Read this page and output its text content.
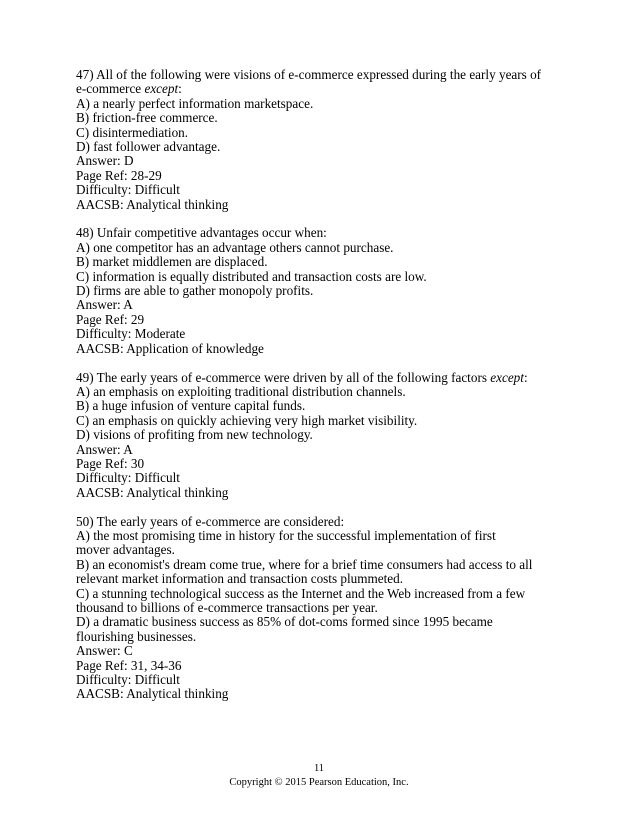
47) All of the following were visions of e-commerce expressed during the early years of e-commerce except:
A) a nearly perfect information marketspace.
B) friction-free commerce.
C) disintermediation.
D) fast follower advantage.
Answer: D
Page Ref: 28-29
Difficulty: Difficult
AACSB: Analytical thinking
48) Unfair competitive advantages occur when:
A) one competitor has an advantage others cannot purchase.
B) market middlemen are displaced.
C) information is equally distributed and transaction costs are low.
D) firms are able to gather monopoly profits.
Answer: A
Page Ref: 29
Difficulty: Moderate
AACSB: Application of knowledge
49) The early years of e-commerce were driven by all of the following factors except:
A) an emphasis on exploiting traditional distribution channels.
B) a huge infusion of venture capital funds.
C) an emphasis on quickly achieving very high market visibility.
D) visions of profiting from new technology.
Answer: A
Page Ref: 30
Difficulty: Difficult
AACSB: Analytical thinking
50) The early years of e-commerce are considered:
A) the most promising time in history for the successful implementation of first mover advantages.
B) an economist's dream come true, where for a brief time consumers had access to all relevant market information and transaction costs plummeted.
C) a stunning technological success as the Internet and the Web increased from a few thousand to billions of e-commerce transactions per year.
D) a dramatic business success as 85% of dot-coms formed since 1995 became flourishing businesses.
Answer: C
Page Ref: 31, 34-36
Difficulty: Difficult
AACSB: Analytical thinking
11
Copyright © 2015 Pearson Education, Inc.
